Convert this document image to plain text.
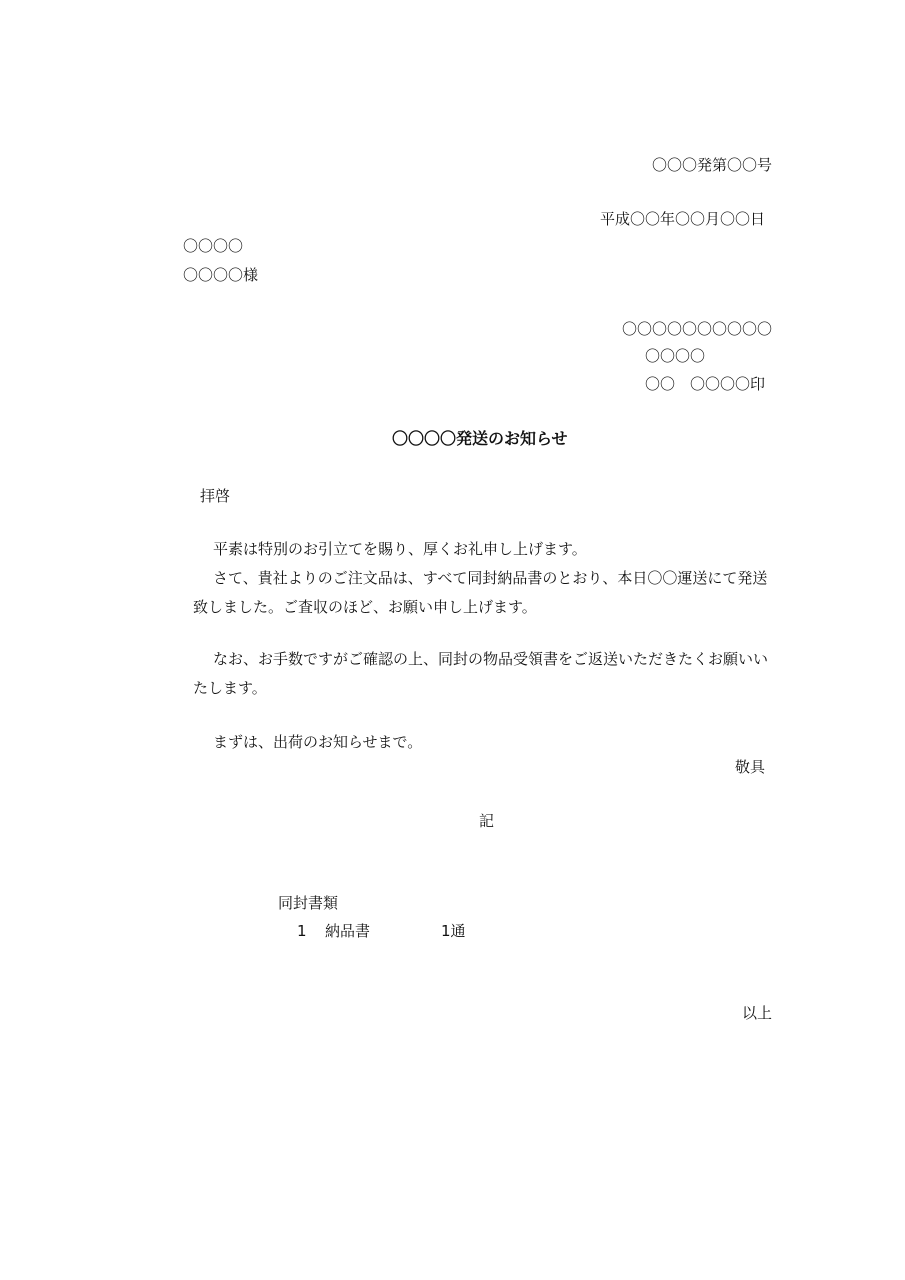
〇〇〇発第〇〇号

平成〇〇年〇〇月〇〇日

〇〇〇〇

〇〇〇〇様

〇〇〇〇〇〇〇〇〇〇

〇〇〇〇

〇〇　〇〇〇〇印

〇〇〇〇発送のお知らせ

拝啓

平素は特別のお引立てを賜り、厚くお礼申し上げます。

さて、貴社よりのご注文品は、すべて同封納品書のとおり、本日〇〇運送にて発送致しました。ご査収のほど、お願い申し上げます。

なお、お手数ですがご確認の上、同封の物品受領書をご返送いただきたくお願いいたします。

まずは、出荷のお知らせまで。

敬具

記

同封書類

1 納品書	1通

以上
